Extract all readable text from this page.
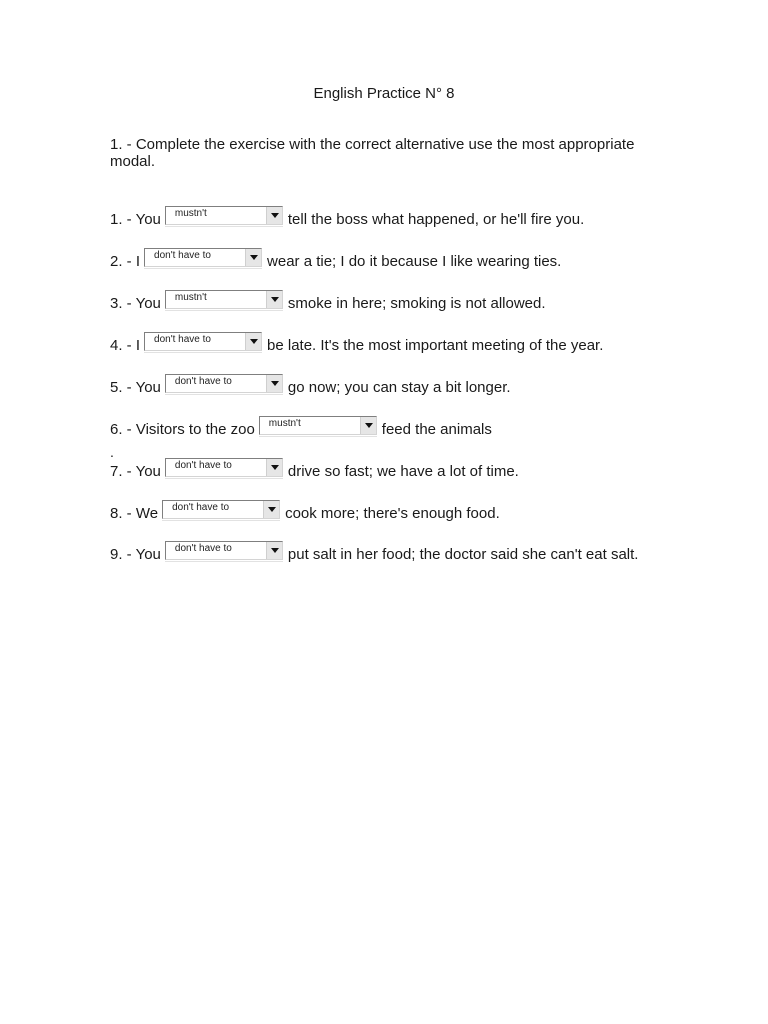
English Practice N° 8
1. - Complete the exercise with the correct alternative use the most appropriate modal.
1. - You mustn't	tell the boss what happened, or he'll fire you.
2. - I don't have to	wear a tie; I do it because I like wearing ties.
3. - You mustn't	smoke in here; smoking is not allowed.
4. - I don't have to	be late. It's the most important meeting of the year.
5. - You don't have to	go now; you can stay a bit longer.
6. - Visitors to the zoo mustn't	feed the animals
.
7. - You don't have to	drive so fast; we have a lot of time.
8. - We don't have to	cook more; there's enough food.
9. - You don't have to	put salt in her food; the doctor said she can't eat salt.
